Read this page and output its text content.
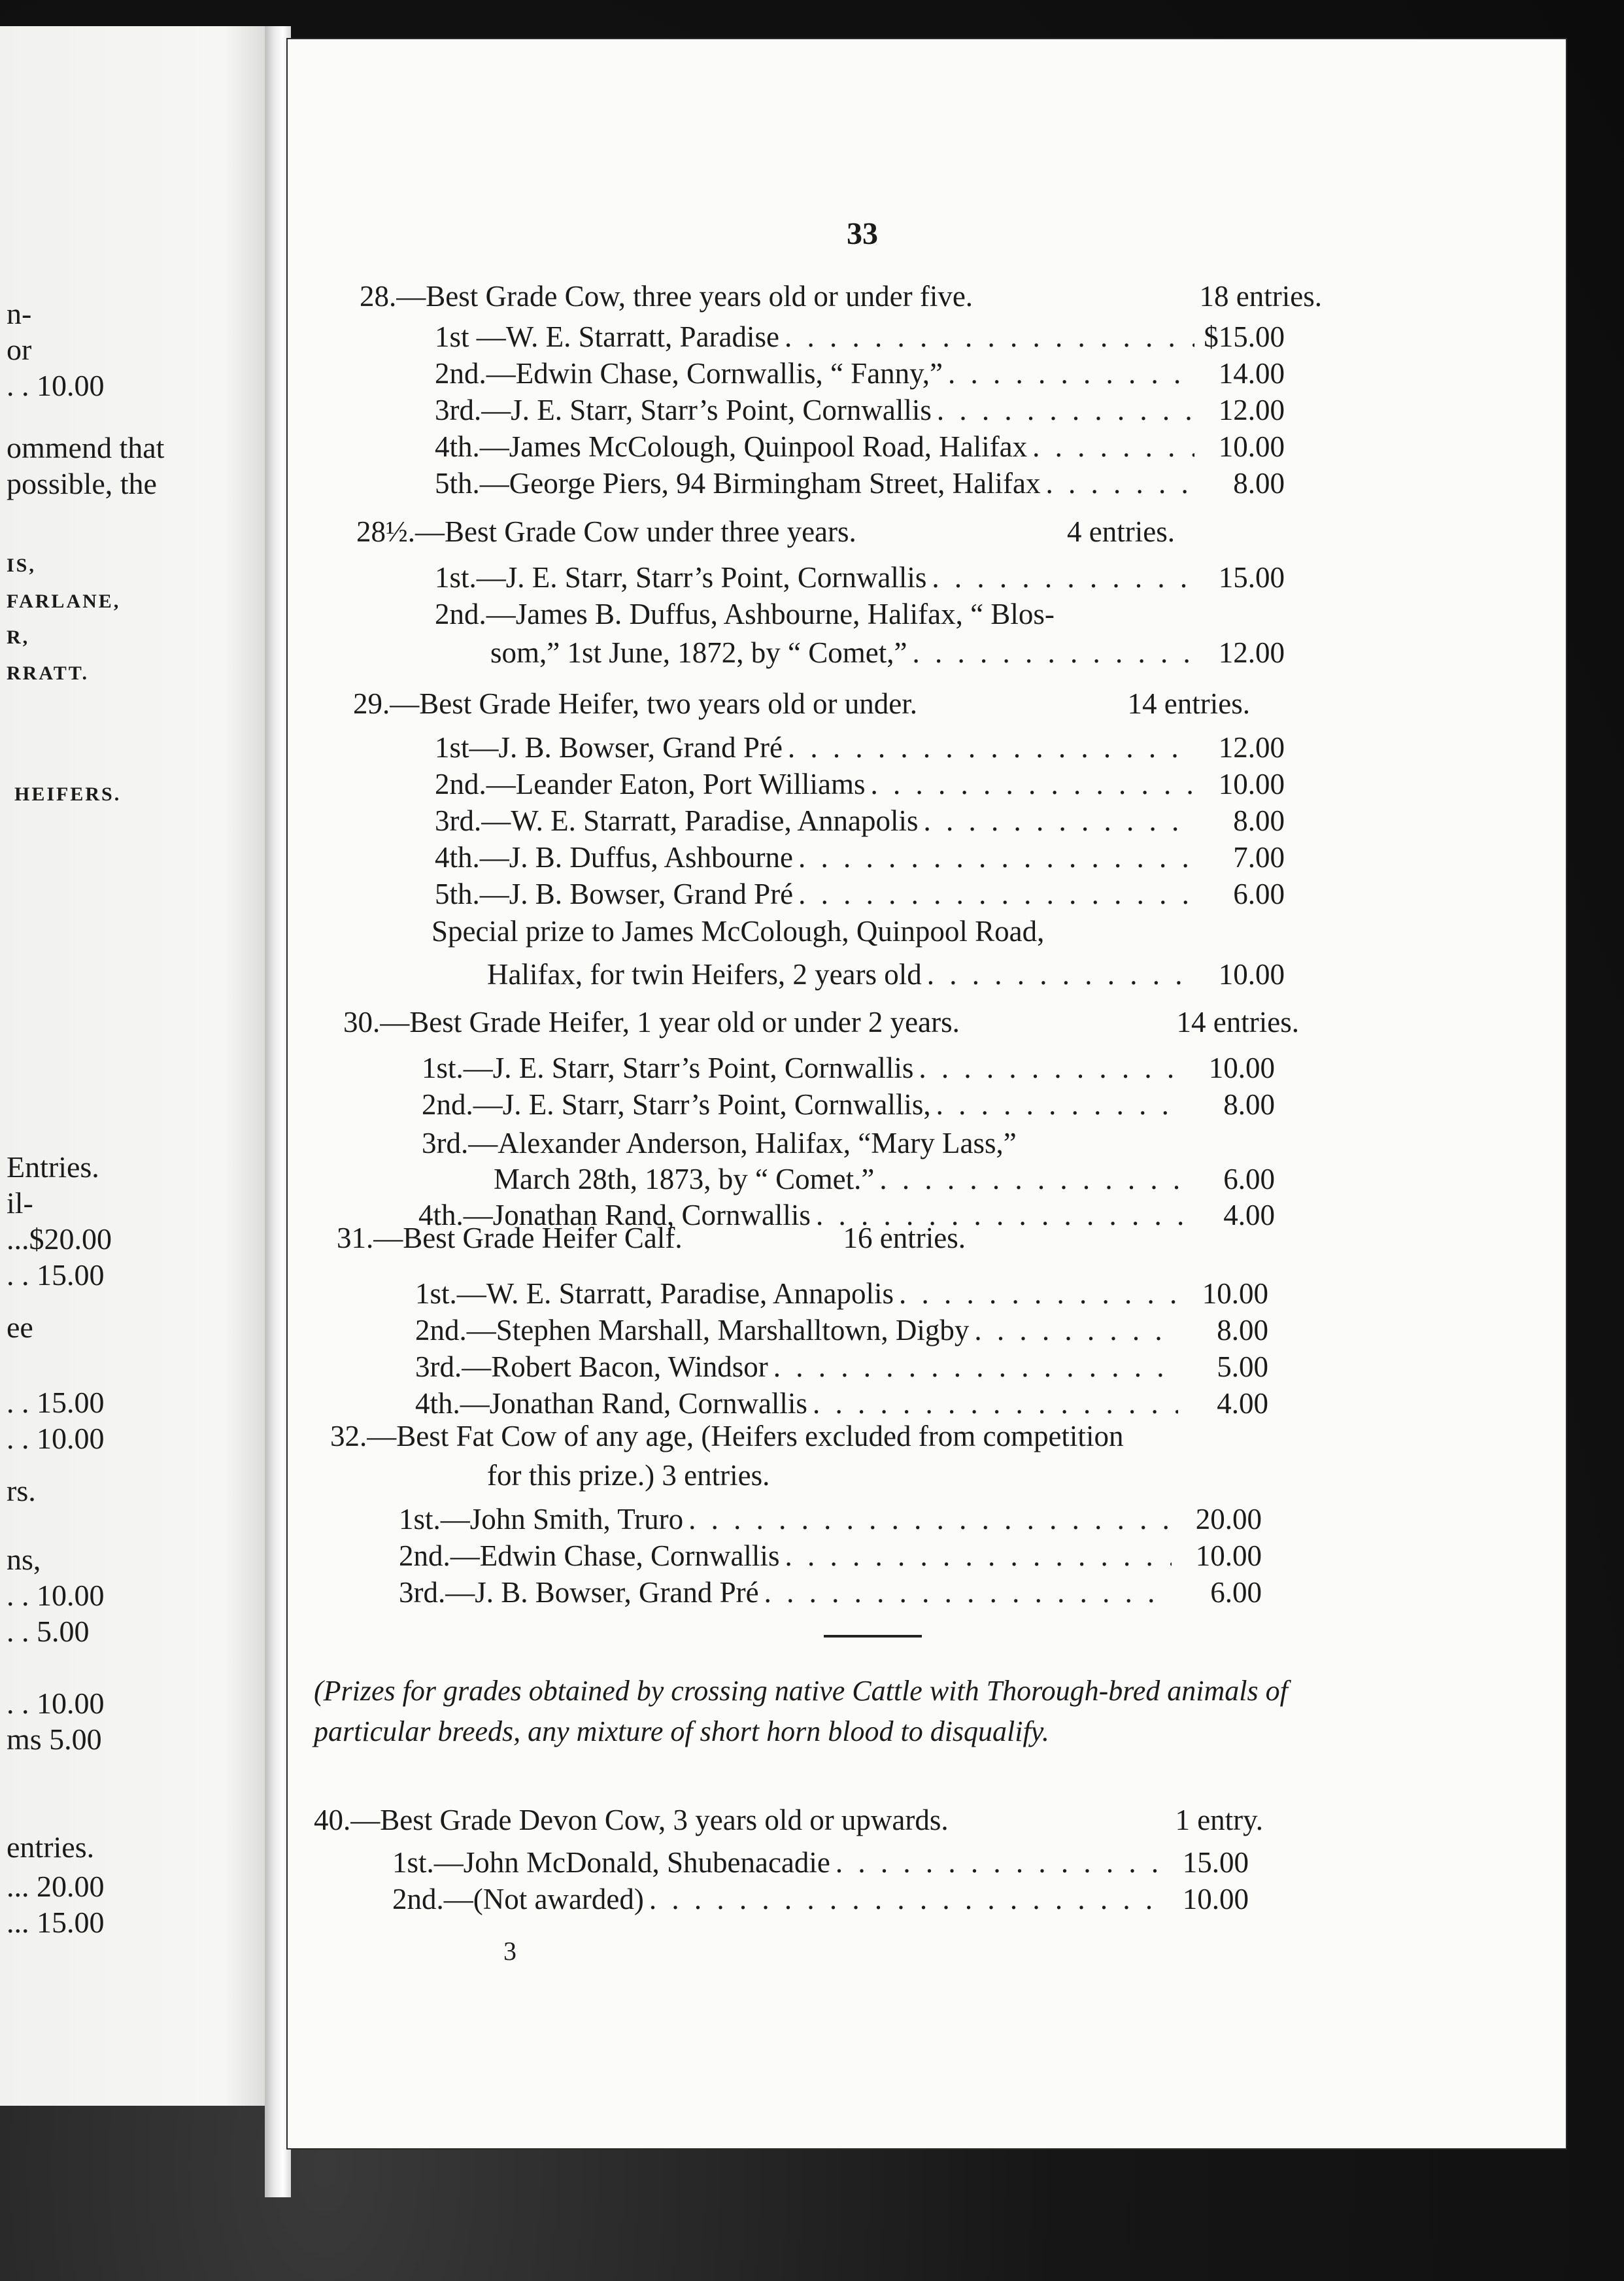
n-
or
. . 10.00
ommend that
possible, the
IS,
FARLANE,
R,
RRATT.
HEIFERS.
Entries.
il-
...$20.00
. . 15.00
ee
. . 15.00
. . 10.00
rs.
ns,
. . 10.00
. . 5.00
. . 10.00
ms 5.00
entries.
... 20.00
... 15.00
33
28.—Best Grade Cow, three years old or under five.	18 entries.
1st —W. E. Starratt, Paradise . . .	$15.00
2nd.—Edwin Chase, Cornwallis, “ Fanny,” . . .	14.00
3rd.—J. E. Starr, Starr’s Point, Cornwallis . . .	12.00
4th.—James McColough, Quinpool Road, Halifax . . .	10.00
5th.—George Piers, 94 Birmingham Street, Halifax . . .	8.00
28½.—Best Grade Cow under three years.	4 entries.
1st.—J. E. Starr, Starr’s Point, Cornwallis . . .	15.00
2nd.—James B. Duffus, Ashbourne, Halifax, “ Blos-
som,” 1st June, 1872, by “ Comet,” . . .	12.00
29.—Best Grade Heifer, two years old or under.	14 entries.
1st—J. B. Bowser, Grand Pré . . .	12.00
2nd.—Leander Eaton, Port Williams . . .	10.00
3rd.—W. E. Starratt, Paradise, Annapolis . . .	8.00
4th.—J. B. Duffus, Ashbourne . . .	7.00
5th.—J. B. Bowser, Grand Pré . . .	6.00
Special prize to James McColough, Quinpool Road,
Halifax, for twin Heifers, 2 years old . . .	10.00
30.—Best Grade Heifer, 1 year old or under 2 years.	14 entries.
1st.—J. E. Starr, Starr’s Point, Cornwallis . . .	10.00
2nd.—J. E. Starr, Starr’s Point, Cornwallis, . . .	8.00
3rd.—Alexander Anderson, Halifax, “Mary Lass,”
March 28th, 1873, by “ Comet.” . . .	6.00
4th.—Jonathan Rand, Cornwallis . . .	4.00
31.—Best Grade Heifer Calf.	16 entries.
1st.—W. E. Starratt, Paradise, Annapolis . . .	10.00
2nd.—Stephen Marshall, Marshalltown, Digby . . .	8.00
3rd.—Robert Bacon, Windsor . . .	5.00
4th.—Jonathan Rand, Cornwallis . . .	4.00
32.—Best Fat Cow of any age, (Heifers excluded from competition
for this prize.) 3 entries.
1st.—John Smith, Truro . . .	20.00
2nd.—Edwin Chase, Cornwallis . . .	10.00
3rd.—J. B. Bowser, Grand Pré . . .	6.00
(Prizes for grades obtained by crossing native Cattle with Thorough-bred animals of particular breeds, any mixture of short horn blood to disqualify.
40.—Best Grade Devon Cow, 3 years old or upwards.	1 entry.
1st.—John McDonald, Shubenacadie . . .	15.00
2nd.—(Not awarded) . . .	10.00
3
